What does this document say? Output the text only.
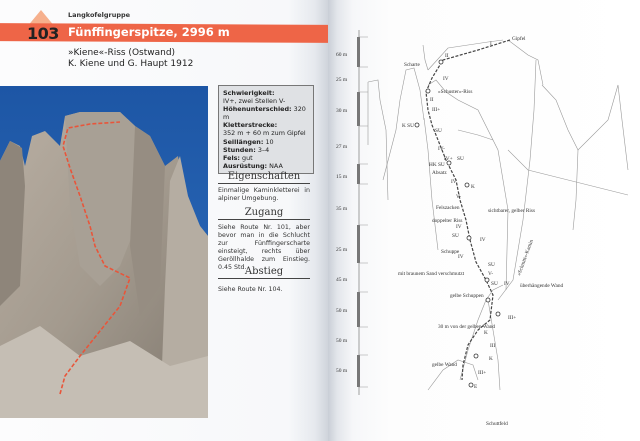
Langkofelgruppe
103 Fünffingerspitze, 2996 m
»Kiene«-Riss (Ostwand)
K. Kiene und G. Haupt 1912
Schwierigkeit:
IV+, zwei Stellen V-
Höhenunterschied: 320 m
Kletterstrecke:
352 m + 60 m zum Gipfel
Seillängen: 10
Stunden: 3–4
Fels: gut
Ausrüstung: NAA
Eigenschaften
Einmalige Kaminkletterei in alpiner Umgebung.
Zugang
Siehe Route Nr. 101, aber bevor man in die Schlucht zur Fünffingerscharte einsteigt, rechts über Geröllhalde zum Einstieg. 0.45 Std.
Abstieg
Siehe Route Nr. 104.
60 m
25 m
30 m
27 m
15 m
35 m
25 m
45 m
50 m
50 m
50 m
Gipfel
Scharte
»Schuster«-Riss
K SU
HK SU
Absatz
Felszacken
doppelter Riss
Schuppe
sichtbarer, gelber Riss
mit braunem Sand verschmutzt
gelbe Schuppen
überhängende Wand
30 m von der gelben Wand
gelbe Wand
Schuttfeld
»Schmitt«-Kamin
I
II
IV
II
III+
SU
IV-
IV+ SU
IV
K
V-
IV
SU
IV
IV
SU
V-
SU IV
III+
K
III
K
III+
E
